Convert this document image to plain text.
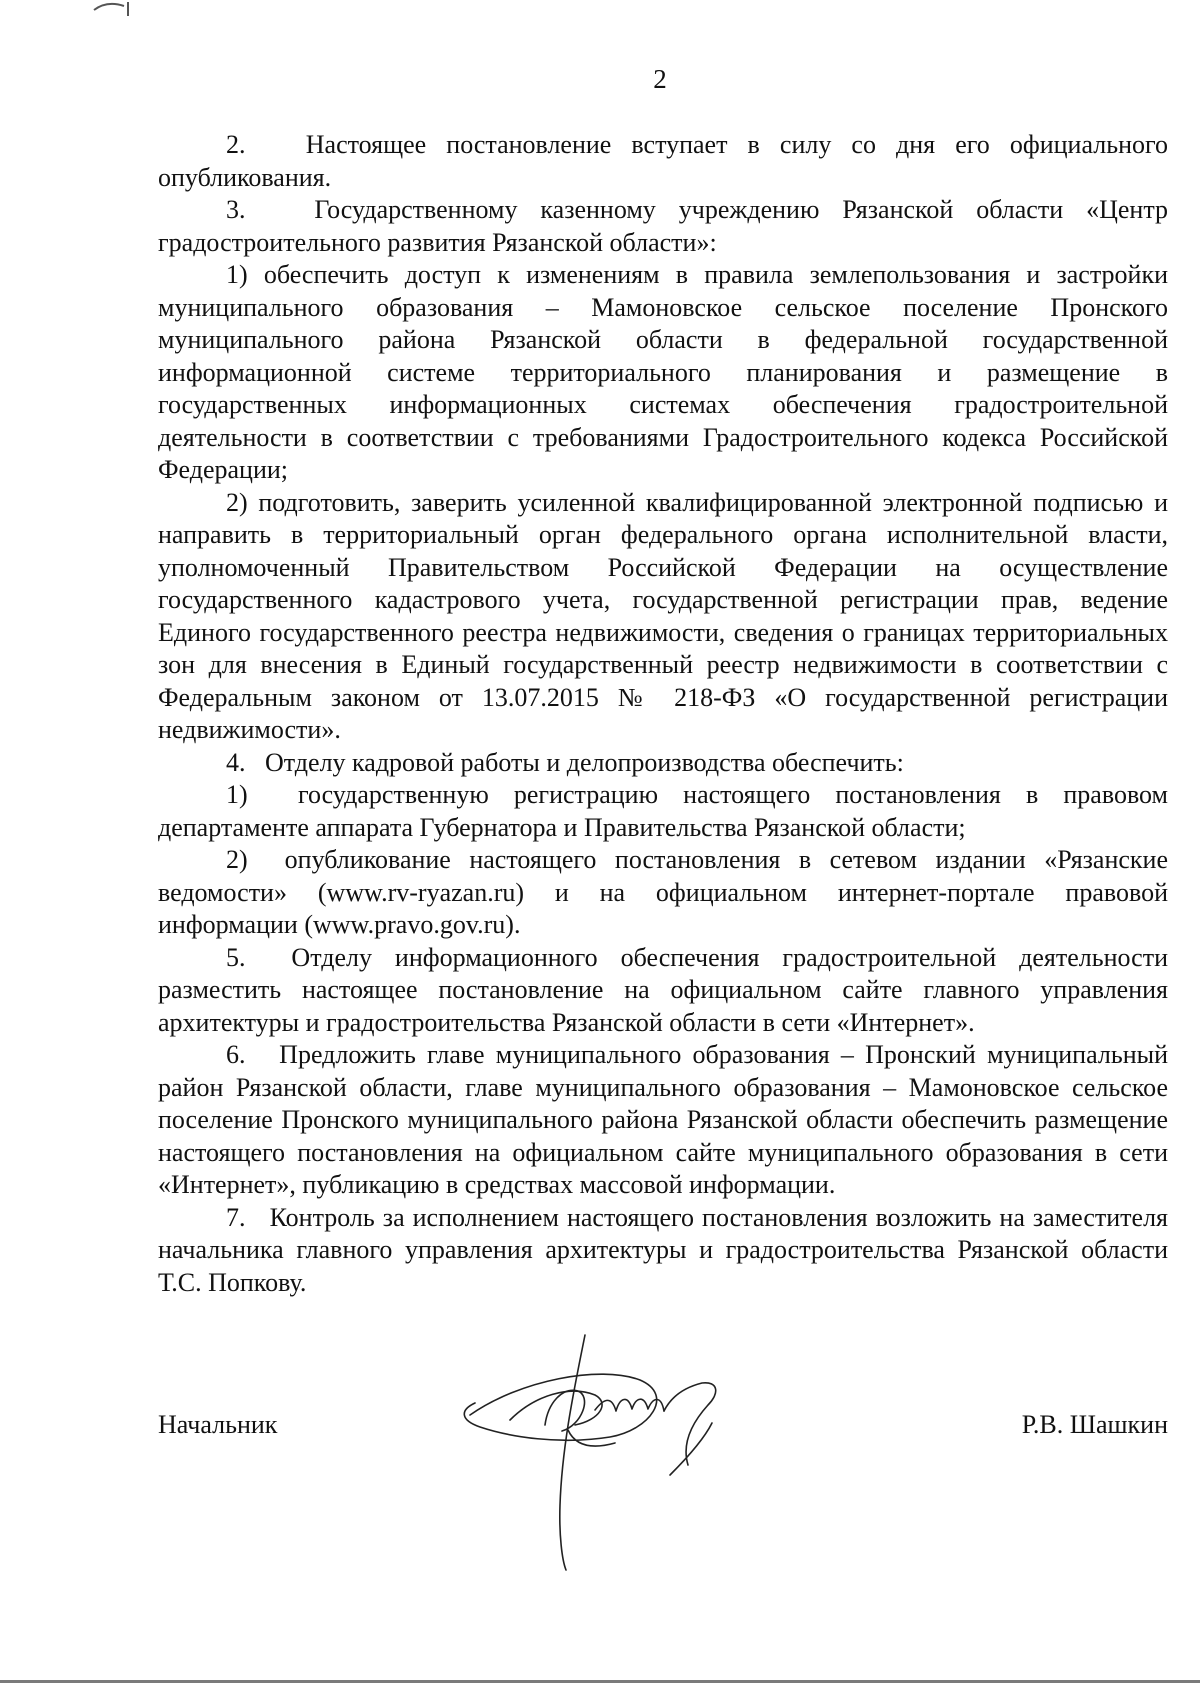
2

2.   Настоящее постановление вступает в силу со дня его официального опубликования.

3.   Государственному казенному учреждению Рязанской области «Центр градостроительного развития Рязанской области»:

1) обеспечить доступ к изменениям в правила землепользования и застройки муниципального образования – Мамоновское сельское поселение Пронского муниципального района Рязанской области в федеральной государственной информационной системе территориального планирования и размещение в государственных информационных системах обеспечения градостроительной деятельности в соответствии с требованиями Градостроительного кодекса Российской Федерации;

2) подготовить, заверить усиленной квалифицированной электронной подписью и направить в территориальный орган федерального органа исполнительной власти, уполномоченный Правительством Российской Федерации на осуществление государственного кадастрового учета, государственной регистрации прав, ведение Единого государственного реестра недвижимости, сведения о границах территориальных зон для внесения в Единый государственный реестр недвижимости в соответствии с Федеральным законом от 13.07.2015 № 218-ФЗ «О государственной регистрации недвижимости».

4.   Отделу кадровой работы и делопроизводства обеспечить:

1)  государственную регистрацию настоящего постановления в правовом департаменте аппарата Губернатора и Правительства Рязанской области;

2)  опубликование настоящего постановления в сетевом издании «Рязанские ведомости» (www.rv-ryazan.ru) и на официальном интернет-портале правовой информации (www.pravo.gov.ru).

5.  Отделу информационного обеспечения градостроительной деятельности разместить настоящее постановление на официальном сайте главного управления архитектуры и градостроительства Рязанской области в сети «Интернет».

6.   Предложить главе муниципального образования – Пронский муниципальный район Рязанской области, главе муниципального образования – Мамоновское сельское поселение Пронского муниципального района Рязанской области обеспечить размещение настоящего постановления на официальном сайте муниципального образования в сети «Интернет», публикацию в средствах массовой информации.

7.   Контроль за исполнением настоящего постановления возложить на заместителя начальника главного управления архитектуры и градостроительства Рязанской области Т.С. Попкову.

Начальник	Р.В. Шашкин
